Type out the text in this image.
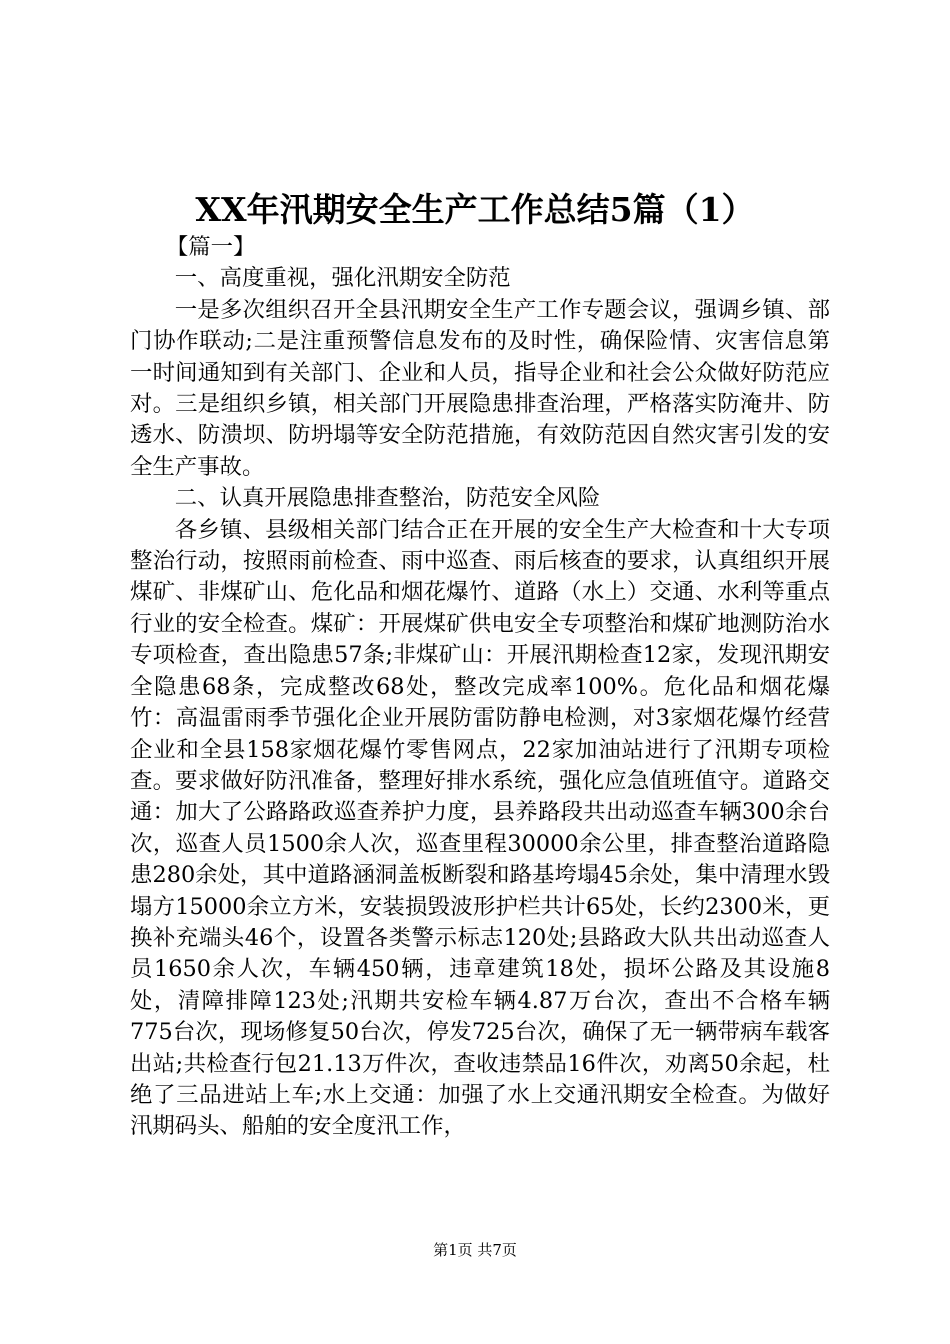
XX年汛期安全生产工作总结5篇（1）

【篇一】

一、高度重视，强化汛期安全防范

一是多次组织召开全县汛期安全生产工作专题会议，强调乡镇、部门协作联动;二是注重预警信息发布的及时性，确保险情、灾害信息第一时间通知到有关部门、企业和人员，指导企业和社会公众做好防范应对。三是组织乡镇，相关部门开展隐患排查治理，严格落实防淹井、防透水、防溃坝、防坍塌等安全防范措施，有效防范因自然灾害引发的安全生产事故。

二、认真开展隐患排查整治，防范安全风险

各乡镇、县级相关部门结合正在开展的安全生产大检查和十大专项整治行动，按照雨前检查、雨中巡查、雨后核查的要求，认真组织开展煤矿、非煤矿山、危化品和烟花爆竹、道路（水上）交通、水利等重点行业的安全检查。煤矿：开展煤矿供电安全专项整治和煤矿地测防治水专项检查，查出隐患57条;非煤矿山：开展汛期检查12家，发现汛期安全隐患68条，完成整改68处，整改完成率100%。危化品和烟花爆竹：高温雷雨季节强化企业开展防雷防静电检测，对3家烟花爆竹经营企业和全县158家烟花爆竹零售网点，22家加油站进行了汛期专项检查。要求做好防汛准备，整理好排水系统，强化应急值班值守。道路交通：加大了公路路政巡查养护力度，县养路段共出动巡查车辆300余台次，巡查人员1500余人次，巡查里程30000余公里，排查整治道路隐患280余处，其中道路涵洞盖板断裂和路基垮塌45余处，集中清理水毁塌方15000余立方米，安装损毁波形护栏共计65处，长约2300米，更换补充端头46个，设置各类警示标志120处;县路政大队共出动巡查人员1650余人次，车辆450辆，违章建筑18处，损坏公路及其设施8处，清障排障123处;汛期共安检车辆4.87万台次，查出不合格车辆775台次，现场修复50台次，停发725台次，确保了无一辆带病车载客出站;共检查行包21.13万件次，查收违禁品16件次，劝离50余起，杜绝了三品进站上车;水上交通：加强了水上交通汛期安全检查。为做好汛期码头、船舶的安全度汛工作，

第1页 共7页
